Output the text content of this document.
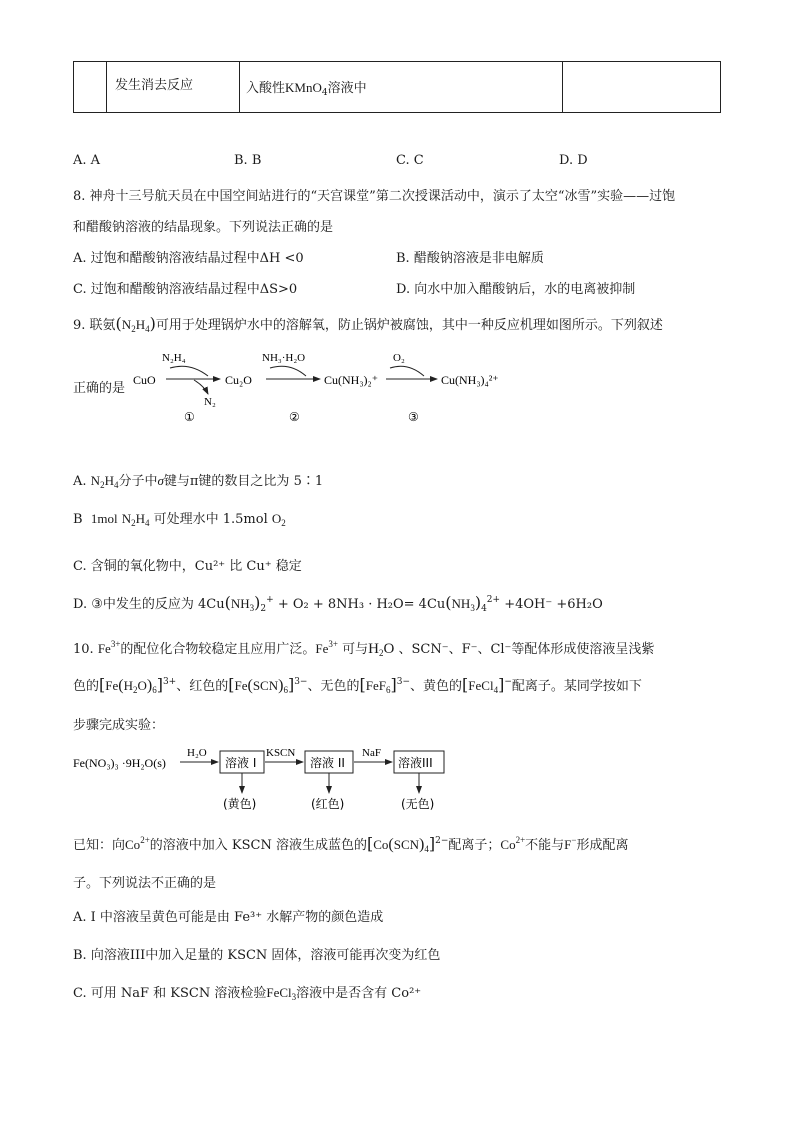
发生消去反应	入酸性KMnO$_4$溶液中

A. A	B. B	C. C	D. D
8. 神舟十三号航天员在中国空间站进行的“天宫课堂”第二次授课活动中，演示了太空“冰雪”实验——过饱
和醋酸钠溶液的结晶现象。下列说法正确的是
A. 过饱和醋酸钠溶液结晶过程中ΔH <0	B. 醋酸钠溶液是非电解质
C. 过饱和醋酸钠溶液结晶过程中ΔS>0	D. 向水中加入醋酸钠后，水的电离被抑制
9. 联氨$(N_2H_4)$可用于处理锅炉水中的溶解氧，防止锅炉被腐蚀，其中一种反应机理如图所示。下列叙述
正确的是
CuO	Cu₂O	Cu(NH₃)₂⁺	Cu(NH₃)₄²⁺
N₂H₄
N₂
NH₃·H₂O	O₂
①	②	③
A. $N_2H_4$分子中σ键与π键的数目之比为 5∶1
B 1mol $N_2H_4$ 可处理水中 1.5mol $O_2$
C. 含铜的氧化物中，Cu²⁺ 比 Cu⁺ 稳定
D. ③中发生的反应为 $4Cu(NH_3)_2^+ + O_2 + 8NH_3 \cdot H_2O= 4Cu(NH_3)_4^{2+} +4OH^- +6H_2O$
10. $Fe^{3+}$的配位化合物较稳定且应用广泛。$Fe^{3+}$ 可与$H_2O$ 、SCN⁻、F⁻、Cl⁻等配体形成使溶液呈浅紫
色的$[Fe(H_2O)_6]^{3+}$、红色的$[Fe(SCN)_6]^{3-}$、无色的$[FeF_6]^{3-}$、黄色的[FeCl$_4$]−配离子。某同学按如下
步骤完成实验：
Fe(NO₃)₃ ·9H₂O(s)
H₂O
溶液 I
KSCN
溶液 II
NaF
溶液III
(黄色)	(红色)	(无色)
已知：向$Co^{2+}$的溶液中加入 KSCN 溶液生成蓝色的$[Co(SCN)_4]^{2-}$配离子；$Co^{2+}$不能与F−形成配离
子。下列说法不正确的是
A. I 中溶液呈黄色可能是由 Fe³⁺ 水解产物的颜色造成
B. 向溶液III中加入足量的 KSCN 固体，溶液可能再次变为红色
C. 可用 NaF 和 KSCN 溶液检验FeCl$_3$溶液中是否含有 Co²⁺
